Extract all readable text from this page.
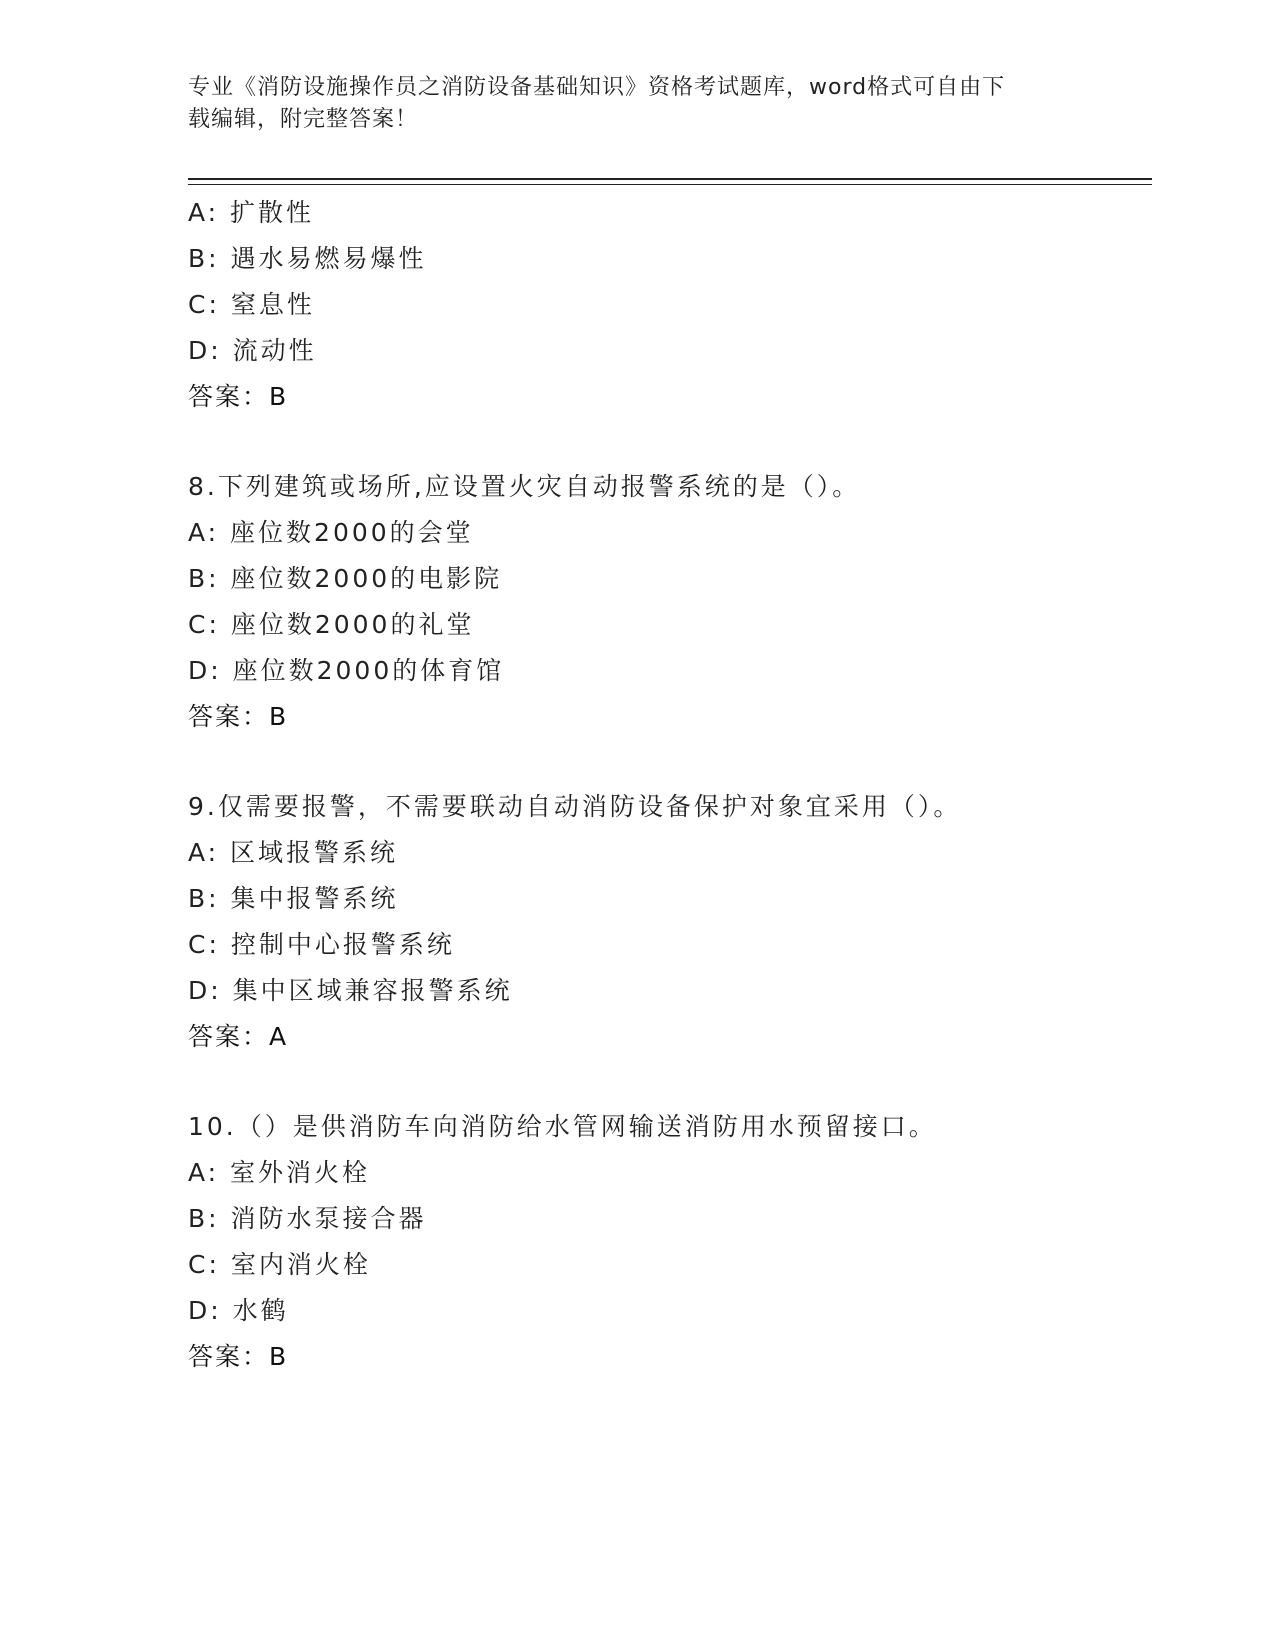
专业《消防设施操作员之消防设备基础知识》资格考试题库，word格式可自由下
载编辑，附完整答案！
A: 扩散性
B: 遇水易燃易爆性
C: 窒息性
D: 流动性
答案：B
8.下列建筑或场所,应设置火灾自动报警系统的是（）。
A: 座位数2000的会堂
B: 座位数2000的电影院
C: 座位数2000的礼堂
D: 座位数2000的体育馆
答案：B
9.仅需要报警，不需要联动自动消防设备保护对象宜采用（）。
A: 区域报警系统
B: 集中报警系统
C: 控制中心报警系统
D: 集中区域兼容报警系统
答案：A
10.（）是供消防车向消防给水管网输送消防用水预留接口。
A: 室外消火栓
B: 消防水泵接合器
C: 室内消火栓
D: 水鹤
答案：B
